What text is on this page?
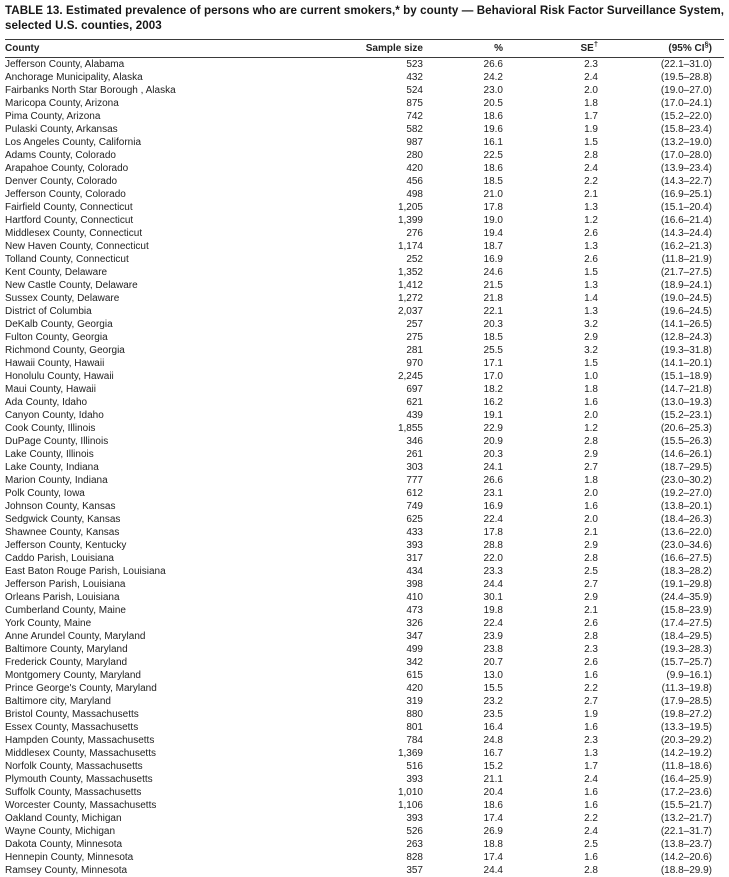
TABLE 13. Estimated prevalence of persons who are current smokers,* by county — Behavioral Risk Factor Surveillance System, selected U.S. counties, 2003

County	Sample size	%	SE†	(95% CI§)
Jefferson County, Alabama	523	26.6	2.3	(22.1–31.0)
Anchorage Municipality, Alaska	432	24.2	2.4	(19.5–28.8)
Fairbanks North Star Borough , Alaska	524	23.0	2.0	(19.0–27.0)
Maricopa County, Arizona	875	20.5	1.8	(17.0–24.1)
Pima County, Arizona	742	18.6	1.7	(15.2–22.0)
Pulaski County, Arkansas	582	19.6	1.9	(15.8–23.4)
Los Angeles County, California	987	16.1	1.5	(13.2–19.0)
Adams County, Colorado	280	22.5	2.8	(17.0–28.0)
Arapahoe County, Colorado	420	18.6	2.4	(13.9–23.4)
Denver County, Colorado	456	18.5	2.2	(14.3–22.7)
Jefferson County, Colorado	498	21.0	2.1	(16.9–25.1)
Fairfield County, Connecticut	1,205	17.8	1.3	(15.1–20.4)
Hartford County, Connecticut	1,399	19.0	1.2	(16.6–21.4)
Middlesex County, Connecticut	276	19.4	2.6	(14.3–24.4)
New Haven County, Connecticut	1,174	18.7	1.3	(16.2–21.3)
Tolland County, Connecticut	252	16.9	2.6	(11.8–21.9)
Kent County, Delaware	1,352	24.6	1.5	(21.7–27.5)
New Castle County, Delaware	1,412	21.5	1.3	(18.9–24.1)
Sussex County, Delaware	1,272	21.8	1.4	(19.0–24.5)
District of Columbia	2,037	22.1	1.3	(19.6–24.5)
DeKalb County, Georgia	257	20.3	3.2	(14.1–26.5)
Fulton County, Georgia	275	18.5	2.9	(12.8–24.3)
Richmond County, Georgia	281	25.5	3.2	(19.3–31.8)
Hawaii County, Hawaii	970	17.1	1.5	(14.1–20.1)
Honolulu County, Hawaii	2,245	17.0	1.0	(15.1–18.9)
Maui County, Hawaii	697	18.2	1.8	(14.7–21.8)
Ada County, Idaho	621	16.2	1.6	(13.0–19.3)
Canyon County, Idaho	439	19.1	2.0	(15.2–23.1)
Cook County, Illinois	1,855	22.9	1.2	(20.6–25.3)
DuPage County, Illinois	346	20.9	2.8	(15.5–26.3)
Lake County, Illinois	261	20.3	2.9	(14.6–26.1)
Lake County, Indiana	303	24.1	2.7	(18.7–29.5)
Marion County, Indiana	777	26.6	1.8	(23.0–30.2)
Polk County, Iowa	612	23.1	2.0	(19.2–27.0)
Johnson County, Kansas	749	16.9	1.6	(13.8–20.1)
Sedgwick County, Kansas	625	22.4	2.0	(18.4–26.3)
Shawnee County, Kansas	433	17.8	2.1	(13.6–22.0)
Jefferson County, Kentucky	393	28.8	2.9	(23.0–34.6)
Caddo Parish, Louisiana	317	22.0	2.8	(16.6–27.5)
East Baton Rouge Parish, Louisiana	434	23.3	2.5	(18.3–28.2)
Jefferson Parish, Louisiana	398	24.4	2.7	(19.1–29.8)
Orleans Parish, Louisiana	410	30.1	2.9	(24.4–35.9)
Cumberland County, Maine	473	19.8	2.1	(15.8–23.9)
York County, Maine	326	22.4	2.6	(17.4–27.5)
Anne Arundel County, Maryland	347	23.9	2.8	(18.4–29.5)
Baltimore County, Maryland	499	23.8	2.3	(19.3–28.3)
Frederick County, Maryland	342	20.7	2.6	(15.7–25.7)
Montgomery County, Maryland	615	13.0	1.6	(9.9–16.1)
Prince George's County, Maryland	420	15.5	2.2	(11.3–19.8)
Baltimore city, Maryland	319	23.2	2.7	(17.9–28.5)
Bristol County, Massachusetts	880	23.5	1.9	(19.8–27.2)
Essex County, Massachusetts	801	16.4	1.6	(13.3–19.5)
Hampden County, Massachusetts	784	24.8	2.3	(20.3–29.2)
Middlesex County, Massachusetts	1,369	16.7	1.3	(14.2–19.2)
Norfolk County, Massachusetts	516	15.2	1.7	(11.8–18.6)
Plymouth County, Massachusetts	393	21.1	2.4	(16.4–25.9)
Suffolk County, Massachusetts	1,010	20.4	1.6	(17.2–23.6)
Worcester County, Massachusetts	1,106	18.6	1.6	(15.5–21.7)
Oakland County, Michigan	393	17.4	2.2	(13.2–21.7)
Wayne County, Michigan	526	26.9	2.4	(22.1–31.7)
Dakota County, Minnesota	263	18.8	2.5	(13.8–23.7)
Hennepin County, Minnesota	828	17.4	1.6	(14.2–20.6)
Ramsey County, Minnesota	357	24.4	2.8	(18.8–29.9)
